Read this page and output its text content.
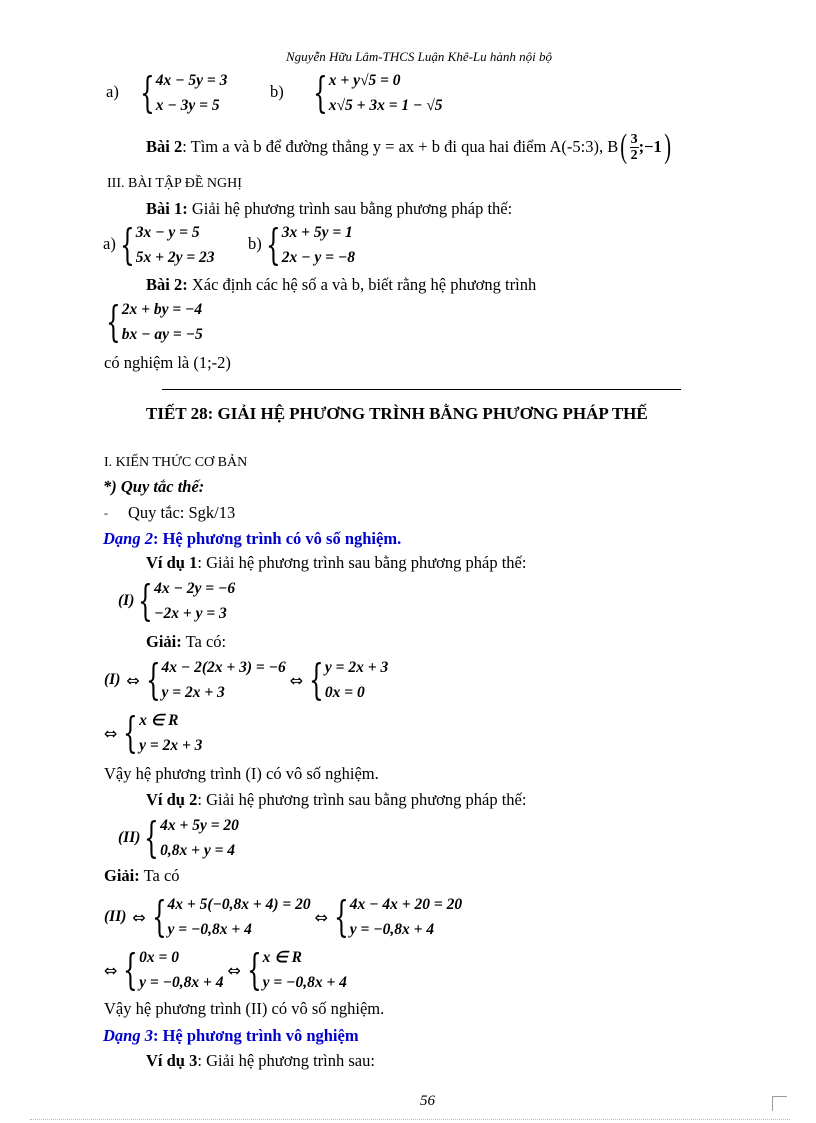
Nguyễn Hữu Lâm-THCS Luận Khê-Lu hành nội bộ
a) { 4x − 5y = 3
x − 3y = 5
b) { x + y√5 = 0
x√5 + 3x = 1 − √5
Bài 2 : Tìm a và b để đường thẳng y = ax + b đi qua hai điểm A(-5:3), B ( $\frac{3}{2}$ ;−1 )
III. BÀI TẬP ĐỀ NGHỊ
Bài 1: Giải hệ phương trình sau bằng phương pháp thế:
a) { 3x − y = 5
5x + 2y = 23
b) { 3x + 5y = 1
2x − y = −8
Bài 2: Xác định các hệ số a và b, biết rằng hệ phương trình
{ 2x + by = −4
bx − ay = −5
có nghiệm là (1;-2)
TIẾT 28: GIẢI HỆ PHƯƠNG TRÌNH BẰNG PHƯƠNG PHÁP THẾ
I. KIẾN THỨC CƠ BẢN
*) Quy tắc thế:
- Quy tắc: Sgk/13
Dạng 2: Hệ phương trình có vô số nghiệm.
Ví dụ 1: Giải hệ phương trình sau bằng phương pháp thế:
(I) { 4x − 2y = −6
−2x + y = 3
Giải: Ta có:
(I) ⇔ { 4x − 2(2x + 3) = −6
y = 2x + 3
⇔ { y = 2x + 3
0x = 0
⇔ { x ∈ R
y = 2x + 3
Vậy hệ phương trình (I) có vô số nghiệm.
Ví dụ 2: Giải hệ phương trình sau bằng phương pháp thế:
(II) { 4x + 5y = 20
0,8x + y = 4
Giải: Ta có
(II) ⇔ { 4x + 5(−0,8x + 4) = 20
y = −0,8x + 4
⇔ { 4x − 4x + 20 = 20
y = −0,8x + 4
⇔ { 0x = 0
y = −0,8x + 4
⇔ { x ∈ R
y = −0,8x + 4
Vậy hệ phương trình (II) có vô số nghiệm.
Dạng 3: Hệ phương trình vô nghiệm
Ví dụ 3: Giải hệ phương trình sau:
56
